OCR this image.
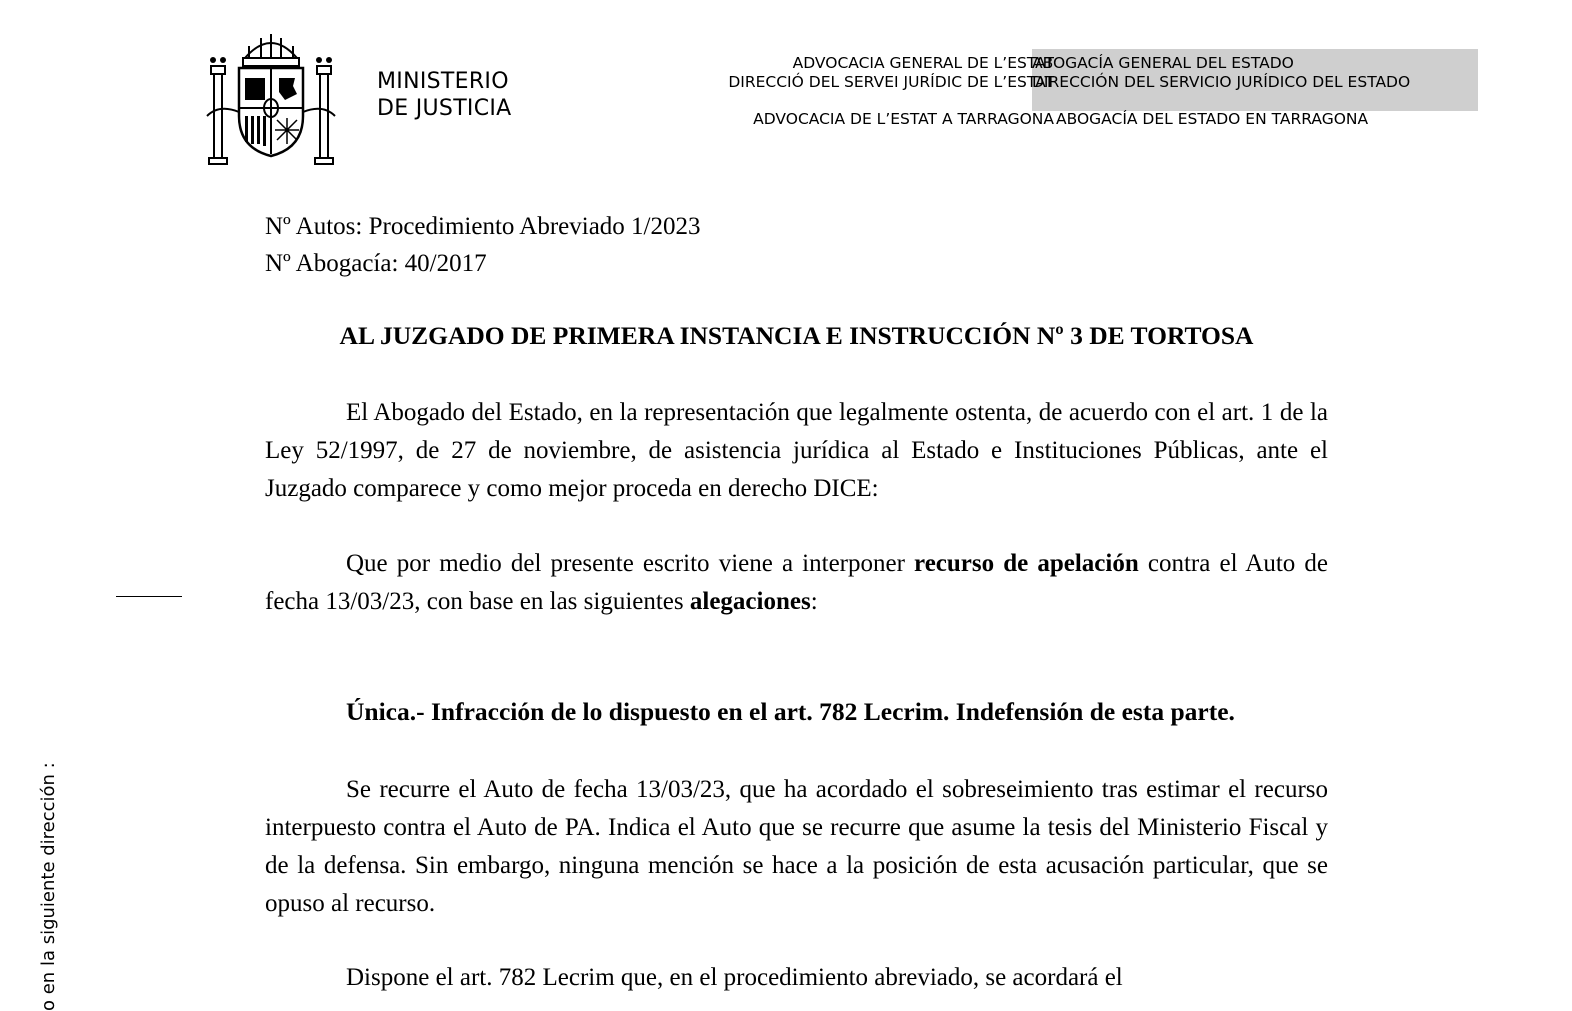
MINISTERIO
DE JUSTICIA
ADVOCACIA GENERAL DE L’ESTAT
DIRECCIÓ DEL SERVEI JURÍDIC DE L’ESTAT
ABOGACÍA GENERAL DEL ESTADO
DIRECCIÓN DEL SERVICIO JURÍDICO DEL ESTADO
ADVOCACIA DE L’ESTAT A TARRAGONA ABOGACÍA DEL ESTADO EN TARRAGONA
Nº Autos: Procedimiento Abreviado 1/2023
Nº Abogacía: 40/2017
AL JUZGADO DE PRIMERA INSTANCIA E INSTRUCCIÓN Nº 3 DE TORTOSA

El Abogado del Estado, en la representación que legalmente ostenta, de acuerdo con el art. 1 de la Ley 52/1997, de 27 de noviembre, de asistencia jurídica al Estado e Instituciones Públicas, ante el Juzgado comparece y como mejor proceda en derecho DICE:

Que por medio del presente escrito viene a interponer recurso de apelación contra el Auto de fecha 13/03/23, con base en las siguientes alegaciones:

Única.- Infracción de lo dispuesto en el art. 782 Lecrim. Indefensión de esta parte.

Se recurre el Auto de fecha 13/03/23, que ha acordado el sobreseimiento tras estimar el recurso interpuesto contra el Auto de PA. Indica el Auto que se recurre que asume la tesis del Ministerio Fiscal y de la defensa. Sin embargo, ninguna mención se hace a la posición de esta acusación particular, que se opuso al recurso.

Dispone el art. 782 Lecrim que, en el procedimiento abreviado, se acordará el

o en la siguiente dirección :
